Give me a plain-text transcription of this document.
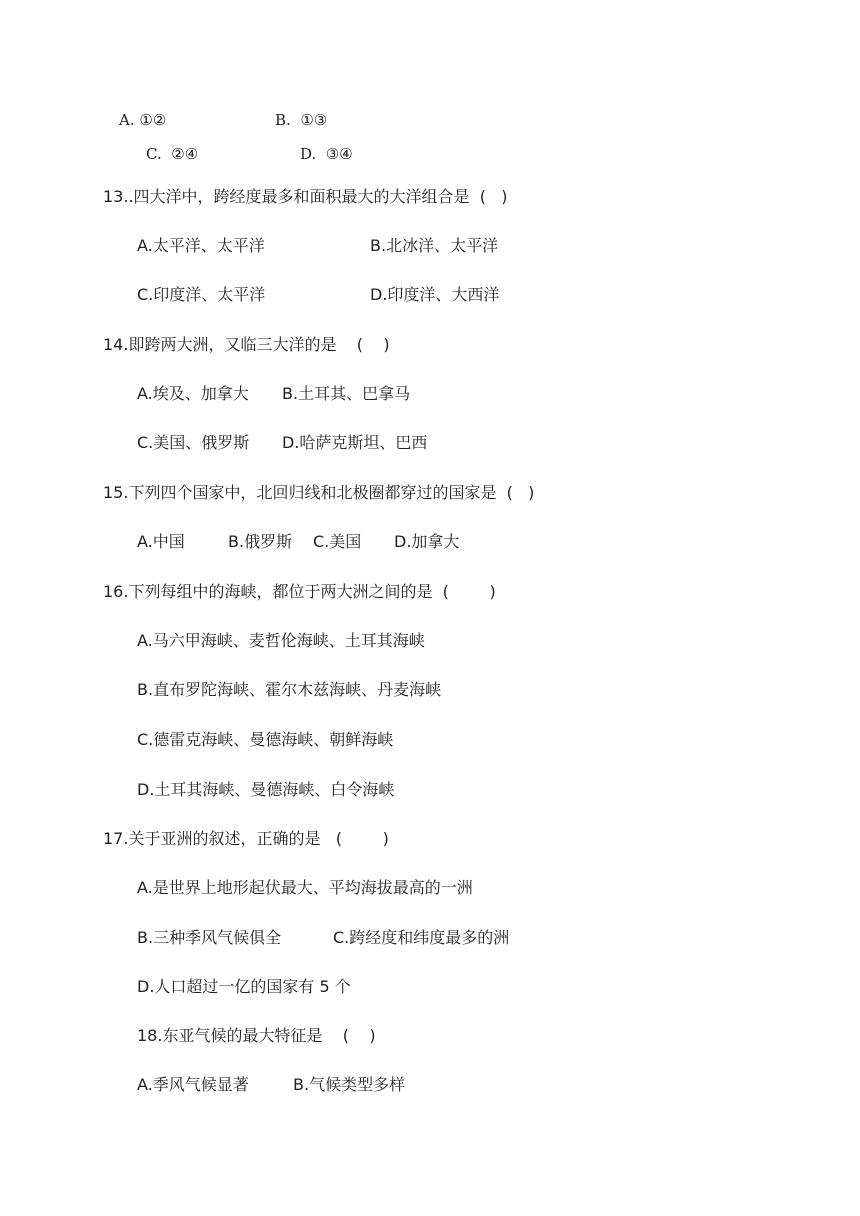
A. ①②	B.  ①③
C.  ②④	D.  ③④
13..四大洋中，跨经度最多和面积最大的大洋组合是  (   )
A.太平洋、太平洋	B.北冰洋、太平洋
C.印度洋、太平洋	D.印度洋、大西洋
14.即跨两大洲，又临三大洋的是    (    )
A.埃及、加拿大 B.土耳其、巴拿马
C.美国、俄罗斯 D.哈萨克斯坦、巴西
15.下列四个国家中，北回归线和北极圈都穿过的国家是  (   )
A.中国	B.俄罗斯 C.美国 D.加拿大
16.下列每组中的海峡，都位于两大洲之间的是  (        )
A.马六甲海峡、麦哲伦海峡、土耳其海峡
B.直布罗陀海峡、霍尔木兹海峡、丹麦海峡
C.德雷克海峡、曼德海峡、朝鲜海峡
D.土耳其海峡、曼德海峡、白令海峡
17.关于亚洲的叙述，正确的是   (        )
A.是世界上地形起伏最大、平均海拔最高的一洲
B.三种季风气候俱全	C.跨经度和纬度最多的洲
D.人口超过一亿的国家有 5 个
18.东亚气候的最大特征是    (    )
A.季风气候显著	B.气候类型多样
